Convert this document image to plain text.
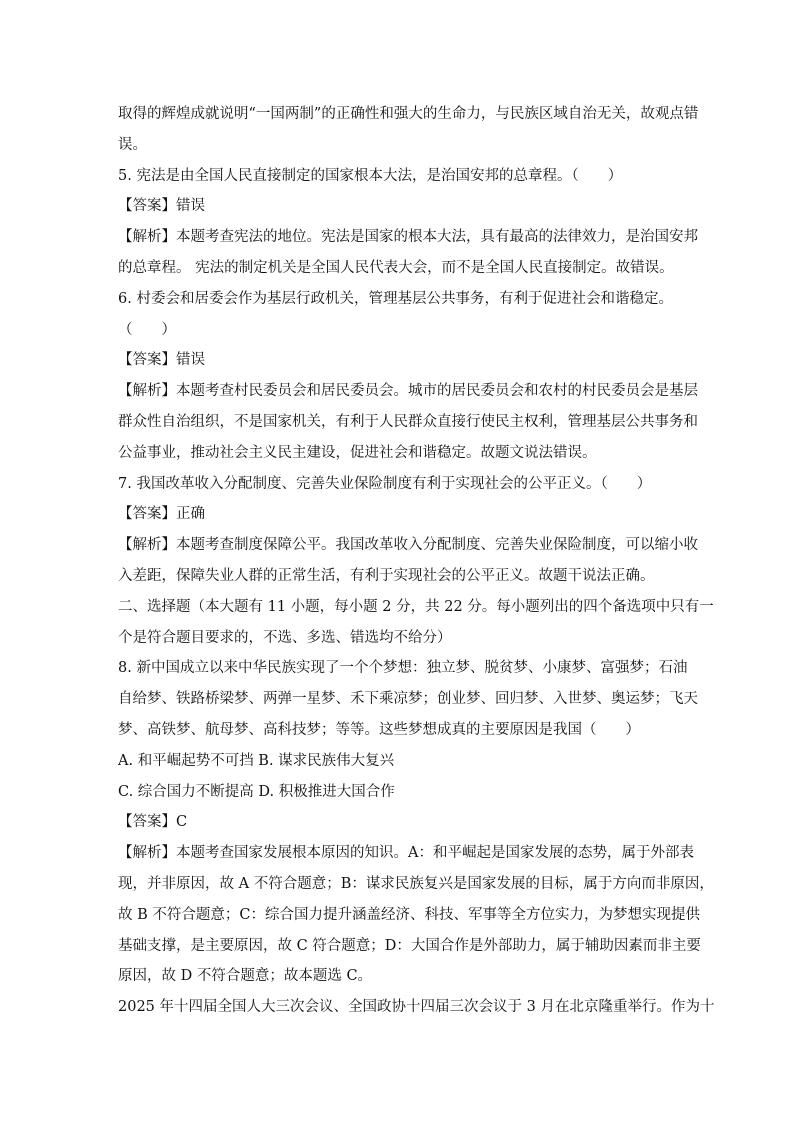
取得的辉煌成就说明“一国两制”的正确性和强大的生命力，与民族区域自治无关，故观点错
误。
5. 宪法是由全国人民直接制定的国家根本大法，是治国安邦的总章程。（　　）
【答案】错误
【解析】本题考查宪法的地位。宪法是国家的根本大法，具有最高的法律效力，是治国安邦
的总章程。 宪法的制定机关是全国人民代表大会，而不是全国人民直接制定。故错误。
6. 村委会和居委会作为基层行政机关，管理基层公共事务，有利于促进社会和谐稳定。
（　　）
【答案】错误
【解析】本题考查村民委员会和居民委员会。城市的居民委员会和农村的村民委员会是基层
群众性自治组织，不是国家机关，有利于人民群众直接行使民主权利，管理基层公共事务和
公益事业，推动社会主义民主建设，促进社会和谐稳定。故题文说法错误。
7. 我国改革收入分配制度、完善失业保险制度有利于实现社会的公平正义。（　　）
【答案】正确
【解析】本题考查制度保障公平。我国改革收入分配制度、完善失业保险制度，可以缩小收
入差距，保障失业人群的正常生活，有利于实现社会的公平正义。故题干说法正确。
二、选择题（本大题有 11 小题，每小题 2 分，共 22 分。每小题列出的四个备选项中只有一
个是符合题目要求的，不选、多选、错选均不给分）
8. 新中国成立以来中华民族实现了一个个梦想：独立梦、脱贫梦、小康梦、富强梦；石油
自给梦、铁路桥梁梦、两弹一星梦、禾下乘凉梦；创业梦、回归梦、入世梦、奥运梦；飞天
梦、高铁梦、航母梦、高科技梦；等等。这些梦想成真的主要原因是我国（　　）
A. 和平崛起势不可挡 B. 谋求民族伟大复兴
C. 综合国力不断提高 D. 积极推进大国合作
【答案】C
【解析】本题考查国家发展根本原因的知识。A：和平崛起是国家发展的态势，属于外部表
现，并非原因，故 A 不符合题意；B：谋求民族复兴是国家发展的目标，属于方向而非原因，
故 B 不符合题意；C：综合国力提升涵盖经济、科技、军事等全方位实力，为梦想实现提供
基础支撑，是主要原因，故 C 符合题意；D：大国合作是外部助力，属于辅助因素而非主要
原因，故 D 不符合题意；故本题选 C。
2025 年十四届全国人大三次会议、全国政协十四届三次会议于 3 月在北京隆重举行。作为十
